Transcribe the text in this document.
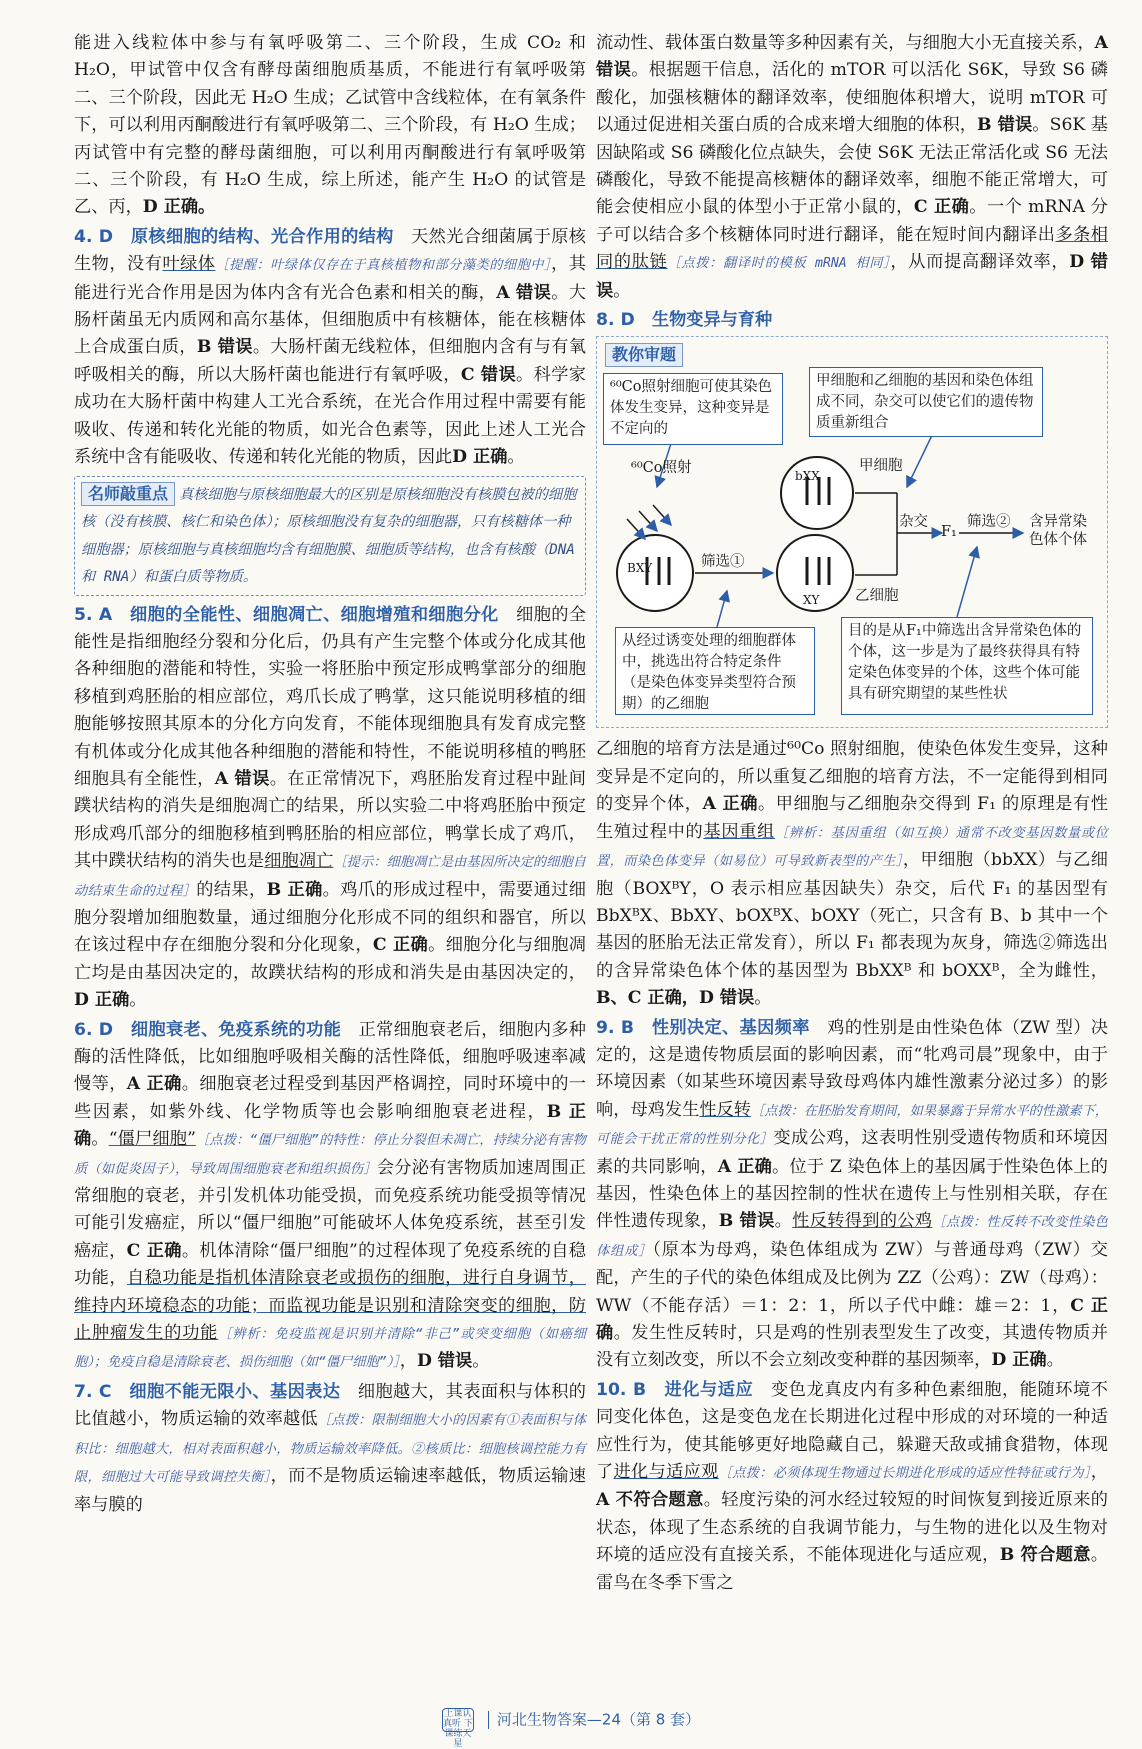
能进入线粒体中参与有氧呼吸第二、三个阶段，生成 CO₂ 和 H₂O，甲试管中仅含有酵母菌细胞质基质，不能进行有氧呼吸第二、三个阶段，因此无 H₂O 生成；乙试管中含线粒体，在有氧条件下，可以利用丙酮酸进行有氧呼吸第二、三个阶段，有 H₂O 生成；丙试管中有完整的酵母菌细胞，可以利用丙酮酸进行有氧呼吸第二、三个阶段，有 H₂O 生成，综上所述，能产生 H₂O 的试管是乙、丙，D 正确。

4. D　原核细胞的结构、光合作用的结构　天然光合细菌属于原核生物，没有叶绿体［提醒：叶绿体仅存在于真核植物和部分藻类的细胞中］，其能进行光合作用是因为体内含有光合色素和相关的酶，A 错误。大肠杆菌虽无内质网和高尔基体，但细胞质中有核糖体，能在核糖体上合成蛋白质，B 错误。大肠杆菌无线粒体，但细胞内含有与有氧呼吸相关的酶，所以大肠杆菌也能进行有氧呼吸，C 错误。科学家成功在大肠杆菌中构建人工光合系统，在光合作用过程中需要有能吸收、传递和转化光能的物质，如光合色素等，因此上述人工光合系统中含有能吸收、传递和转化光能的物质，因此D 正确。

名师敲重点 真核细胞与原核细胞最大的区别是原核细胞没有核膜包被的细胞核（没有核膜、核仁和染色体）；原核细胞没有复杂的细胞器，只有核糖体一种细胞器；原核细胞与真核细胞均含有细胞膜、细胞质等结构，也含有核酸（DNA 和 RNA）和蛋白质等物质。

5. A　细胞的全能性、细胞凋亡、细胞增殖和细胞分化　细胞的全能性是指细胞经分裂和分化后，仍具有产生完整个体或分化成其他各种细胞的潜能和特性，实验一将胚胎中预定形成鸭掌部分的细胞移植到鸡胚胎的相应部位，鸡爪长成了鸭掌，这只能说明移植的细胞能够按照其原本的分化方向发育，不能体现细胞具有发育成完整有机体或分化成其他各种细胞的潜能和特性，不能说明移植的鸭胚细胞具有全能性，A 错误。在正常情况下，鸡胚胎发育过程中趾间蹼状结构的消失是细胞凋亡的结果，所以实验二中将鸡胚胎中预定形成鸡爪部分的细胞移植到鸭胚胎的相应部位，鸭掌长成了鸡爪，其中蹼状结构的消失也是细胞凋亡［提示：细胞凋亡是由基因所决定的细胞自动结束生命的过程］的结果，B 正确。鸡爪的形成过程中，需要通过细胞分裂增加细胞数量，通过细胞分化形成不同的组织和器官，所以在该过程中存在细胞分裂和分化现象，C 正确。细胞分化与细胞凋亡均是由基因决定的，故蹼状结构的形成和消失是由基因决定的，D 正确。

6. D　细胞衰老、免疫系统的功能　正常细胞衰老后，细胞内多种酶的活性降低，比如细胞呼吸相关酶的活性降低，细胞呼吸速率减慢等，A 正确。细胞衰老过程受到基因严格调控，同时环境中的一些因素，如紫外线、化学物质等也会影响细胞衰老进程，B 正确。“僵尸细胞”［点拨：“僵尸细胞”的特性：停止分裂但未凋亡，持续分泌有害物质（如促炎因子），导致周围细胞衰老和组织损伤］会分泌有害物质加速周围正常细胞的衰老，并引发机体功能受损，而免疫系统功能受损等情况可能引发癌症，所以“僵尸细胞”可能破坏人体免疫系统，甚至引发癌症，C 正确。机体清除“僵尸细胞”的过程体现了免疫系统的自稳功能，自稳功能是指机体清除衰老或损伤的细胞，进行自身调节，维持内环境稳态的功能；而监视功能是识别和清除突变的细胞，防止肿瘤发生的功能［辨析：免疫监视是识别并清除“非己”或突变细胞（如癌细胞）；免疫自稳是清除衰老、损伤细胞（如“僵尸细胞”）］，D 错误。

7. C　细胞不能无限小、基因表达　细胞越大，其表面积与体积的比值越小，物质运输的效率越低［点拨：限制细胞大小的因素有①表面积与体积比：细胞越大，相对表面积越小，物质运输效率降低。②核质比：细胞核调控能力有限，细胞过大可能导致调控失衡］，而不是物质运输速率越低，物质运输速率与膜的

流动性、载体蛋白数量等多种因素有关，与细胞大小无直接关系，A 错误。根据题干信息，活化的 mTOR 可以活化 S6K，导致 S6 磷酸化，加强核糖体的翻译效率，使细胞体积增大，说明 mTOR 可以通过促进相关蛋白质的合成来增大细胞的体积，B 错误。S6K 基因缺陷或 S6 磷酸化位点缺失，会使 S6K 无法正常活化或 S6 无法磷酸化，导致不能提高核糖体的翻译效率，细胞不能正常增大，可能会使相应小鼠的体型小于正常小鼠的，C 正确。一个 mRNA 分子可以结合多个核糖体同时进行翻译，能在短时间内翻译出多条相同的肽链［点拨：翻译时的模板 mRNA 相同］，从而提高翻译效率，D 错误。

8. D　生物变异与育种

教你审题
⁶⁰Co照射细胞可使其染色体发生变异，这种变异是不定向的
甲细胞和乙细胞的基因和染色体组成不同，杂交可以使它们的遗传物质重新组合
⁶⁰Co照射	bXX
甲细胞
BXY	筛选①
XY 乙细胞
杂交
F₁
筛选② 含异常染色体个体
从经过诱变处理的细胞群体中，挑选出符合特定条件（是染色体变异类型符合预期）的乙细胞
目的是从F₁中筛选出含异常染色体的个体，这一步是为了最终获得具有特定染色体变异的个体，这些个体可能具有研究期望的某些性状

乙细胞的培育方法是通过⁶⁰Co 照射细胞，使染色体发生变异，这种变异是不定向的，所以重复乙细胞的培育方法，不一定能得到相同的变异个体，A 正确。甲细胞与乙细胞杂交得到 F₁ 的原理是有性生殖过程中的基因重组［辨析：基因重组（如互换）通常不改变基因数量或位置，而染色体变异（如易位）可导致新表型的产生］，甲细胞（bbXX）与乙细胞（BOXᴮY，O 表示相应基因缺失）杂交，后代 F₁ 的基因型有 BbXᴮX、BbXY、bOXᴮX、bOXY（死亡，只含有 B、b 其中一个基因的胚胎无法正常发育），所以 F₁ 都表现为灰身，筛选②筛选出的含异常染色体个体的基因型为 BbXXᴮ 和 bOXXᴮ，全为雌性，B、C 正确，D 错误。

9. B　性别决定、基因频率　鸡的性别是由性染色体（ZW 型）决定的，这是遗传物质层面的影响因素，而“牝鸡司晨”现象中，由于环境因素（如某些环境因素导致母鸡体内雄性激素分泌过多）的影响，母鸡发生性反转［点拨：在胚胎发育期间，如果暴露于异常水平的性激素下，可能会干扰正常的性别分化］变成公鸡，这表明性别受遗传物质和环境因素的共同影响，A 正确。位于 Z 染色体上的基因属于性染色体上的基因，性染色体上的基因控制的性状在遗传上与性别相关联，存在伴性遗传现象，B 错误。性反转得到的公鸡［点拨：性反转不改变性染色体组成］（原本为母鸡，染色体组成为 ZW）与普通母鸡（ZW）交配，产生的子代的染色体组成及比例为 ZZ（公鸡）：ZW（母鸡）：WW（不能存活）＝1：2：1，所以子代中雌：雄＝2：1，C 正确。发生性反转时，只是鸡的性别表型发生了改变，其遗传物质并没有立刻改变，所以不会立刻改变种群的基因频率，D 正确。

10. B　进化与适应　变色龙真皮内有多种色素细胞，能随环境不同变化体色，这是变色龙在长期进化过程中形成的对环境的一种适应性行为，使其能够更好地隐藏自己，躲避天敌或捕食猎物，体现了进化与适应观［点拨：必须体现生物通过长期进化形成的适应性特征或行为］，A 不符合题意。轻度污染的河水经过较短的时间恢复到接近原来的状态，体现了生态系统的自我调节能力，与生物的进化以及生物对环境的适应没有直接关系，不能体现进化与适应观，B 符合题意。雷鸟在冬季下雪之

上课认真听 下课练天星河北生物答案—24（第 8 套）
